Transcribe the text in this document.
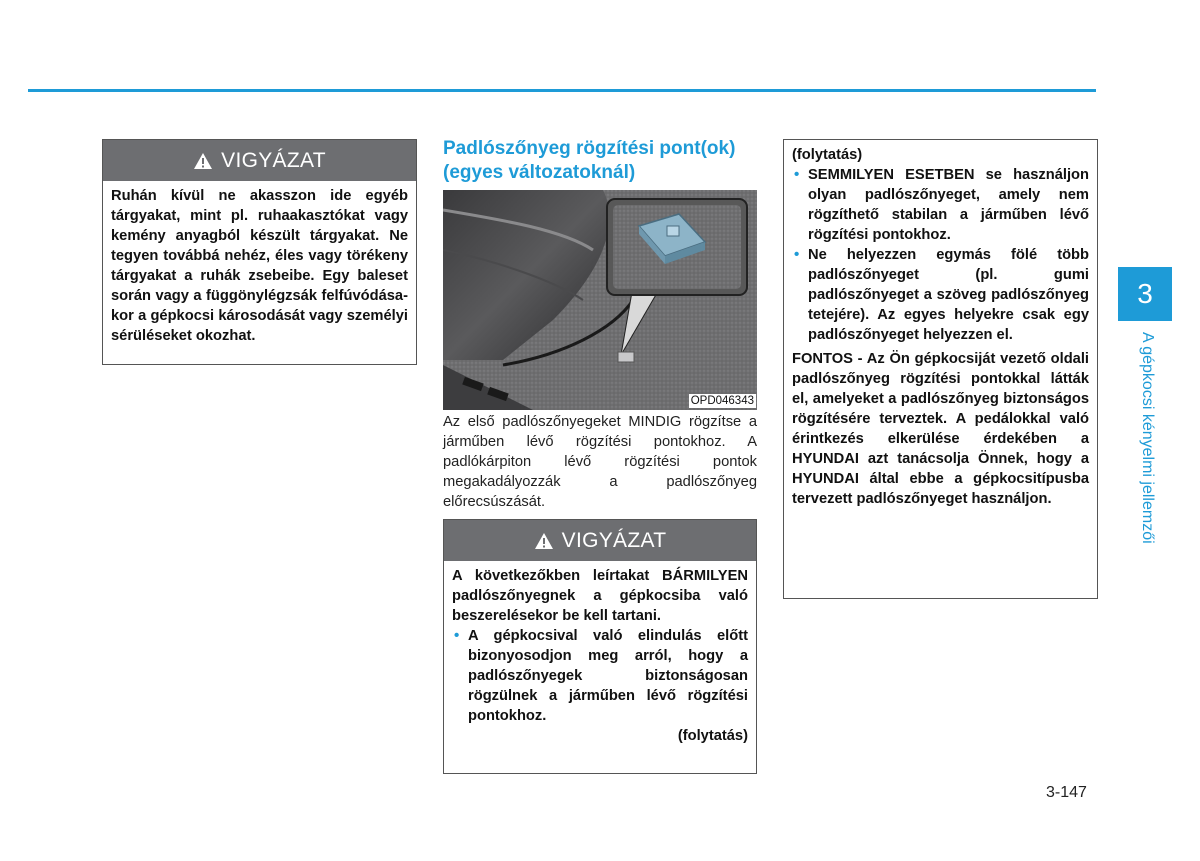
VIGYÁZAT

Ruhán kívül ne akasszon ide egyéb tárgyakat, mint pl. ruhaakasztókat vagy kemény anyagból készült tárgyakat. Ne tegyen továbbá nehéz, éles vagy törékeny tárgyakat a ruhák zsebeibe. Egy baleset során vagy a függönylégzsák felfúvódásakor a gépkocsi károsodását vagy személyi sérüléseket okozhat.

Padlószőnyeg rögzítési pont(ok) (egyes változatoknál)
OPD046343
Az első padlószőnyegeket MINDIG rögzítse a járműben lévő rögzítési pontokhoz. A padlókárpiton lévő rögzítési pontok megakadályozzák a padlószőnyeg előrecsúszását.
VIGYÁZAT

A következőkben leírtakat BÁRMILYEN padlószőnyegnek a gépkocsiba való beszerelésekor be kell tartani.

• A gépkocsival való elindulás előtt bizonyosodjon meg arról, hogy a padlószőnyegek biztonságosan rögzülnek a járműben lévő rögzítési pontokhoz.

(folytatás)

(folytatás)

• SEMMILYEN ESETBEN se használjon olyan padlószőnyeget, amely nem rögzíthető stabilan a járműben lévő rögzítési pontokhoz.

• Ne helyezzen egymás fölé több padlószőnyeget (pl. gumi padlószőnyeget a szöveg padlószőnyeg tetejére). Az egyes helyekre csak egy padlószőnyeget helyezzen el.

FONTOS - Az Ön gépkocsiját vezető oldali padlószőnyeg rögzítési pontokkal látták el, amelyeket a padlószőnyeg biztonságos rögzítésére terveztek. A pedálokkal való érintkezés elkerülése érdekében a HYUNDAI azt tanácsolja Önnek, hogy a HYUNDAI által ebbe a gépkocsitípusba tervezett padlószőnyeget használjon.

3
A gépkocsi kényelmi jellemzői
3-147
